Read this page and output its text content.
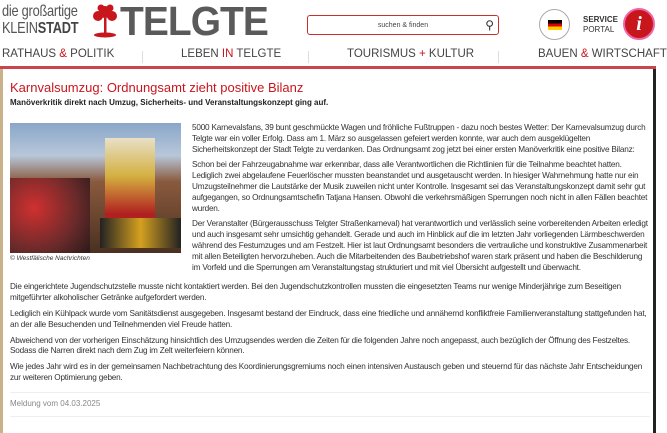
die großartige
KLEINSTADT TELGTE	suchen & finden	⚲	SERVICE
PORTAL	i
RATHAUS & POLITIK	LEBEN IN TELGTE	TOURISMUS + KULTUR	BAUEN & WIRTSCHAFT
Karnvalsumzug: Ordnungsamt zieht positive Bilanz
Manöverkritik direkt nach Umzug, Sicherheits- und Veranstaltungskonzept ging auf.
© Westfälische Nachrichten

5000 Karnevalsfans, 39 bunt geschmückte Wagen und fröhliche Fußtruppen - dazu noch bestes Wetter: Der Karnevalsumzug durch Telgte war ein voller Erfolg. Dass am 1. März so ausgelassen gefeiert werden konnte, war auch dem ausgeklügelten Sicherheitskonzept der Stadt Telgte zu verdanken. Das Ordnungsamt zog jetzt bei einer ersten Manöverkritik eine positive Bilanz:

Schon bei der Fahrzeugabnahme war erkennbar, dass alle Verantwortlichen die Richtlinien für die Teilnahme beachtet hatten. Lediglich zwei abgelaufene Feuerlöscher mussten beanstandet und ausgetauscht werden. In hiesiger Wahrnehmung hatte nur ein Umzugsteilnehmer die Lautstärke der Musik zuweilen nicht unter Kontrolle. Insgesamt sei das Veranstaltungskonzept damit sehr gut aufgegangen, so Ordnungsamtschefin Tatjana Hansen. Obwohl die verkehrsmäßigen Sperrungen noch nicht in allen Fällen beachtet wurden.

Der Veranstalter (Bürgerausschuss Telgter Straßenkarneval) hat verantwortlich und verlässlich seine vorbereitenden Arbeiten erledigt und auch insgesamt sehr umsichtig gehandelt. Gerade und auch im Hinblick auf die im letzten Jahr vorliegenden Lärmbeschwerden während des Festumzuges und am Festzelt. Hier ist laut Ordnungsamt besonders die vertrauliche und konstruktive Zusammenarbeit mit allen Beteiligten hervorzuheben. Auch die Mitarbeitenden des Baubetriebshof waren stark präsent und haben die Beschilderung im Vorfeld und die Sperrungen am Veranstaltungstag strukturiert und mit viel Übersicht aufgestellt und überwacht.

Die eingerichtete Jugendschutzstelle musste nicht kontaktiert werden. Bei den Jugendschutzkontrollen mussten die eingesetzten Teams nur wenige Minderjährige zum Beseitigen mitgeführter alkoholischer Getränke aufgefordert werden.

Lediglich ein Kühlpack wurde vom Sanitätsdienst ausgegeben. Insgesamt bestand der Eindruck, dass eine friedliche und annähernd konfliktfreie Familienveranstaltung stattgefunden hat, an der alle Besuchenden und Teilnehmenden viel Freude hatten.

Abweichend von der vorherigen Einschätzung hinsichtlich des Umzugsendes werden die Zeiten für die folgenden Jahre noch angepasst, auch bezüglich der Öffnung des Festzeltes. Sodass die Narren direkt nach dem Zug im Zelt weiterfeiern können.

Wie jedes Jahr wird es in der gemeinsamen Nachbetrachtung des Koordinierungsgremiums noch einen intensiven Austausch geben und steuernd für das nächste Jahr Entscheidungen zur weiteren Optimierung geben.

Meldung vom 04.03.2025
